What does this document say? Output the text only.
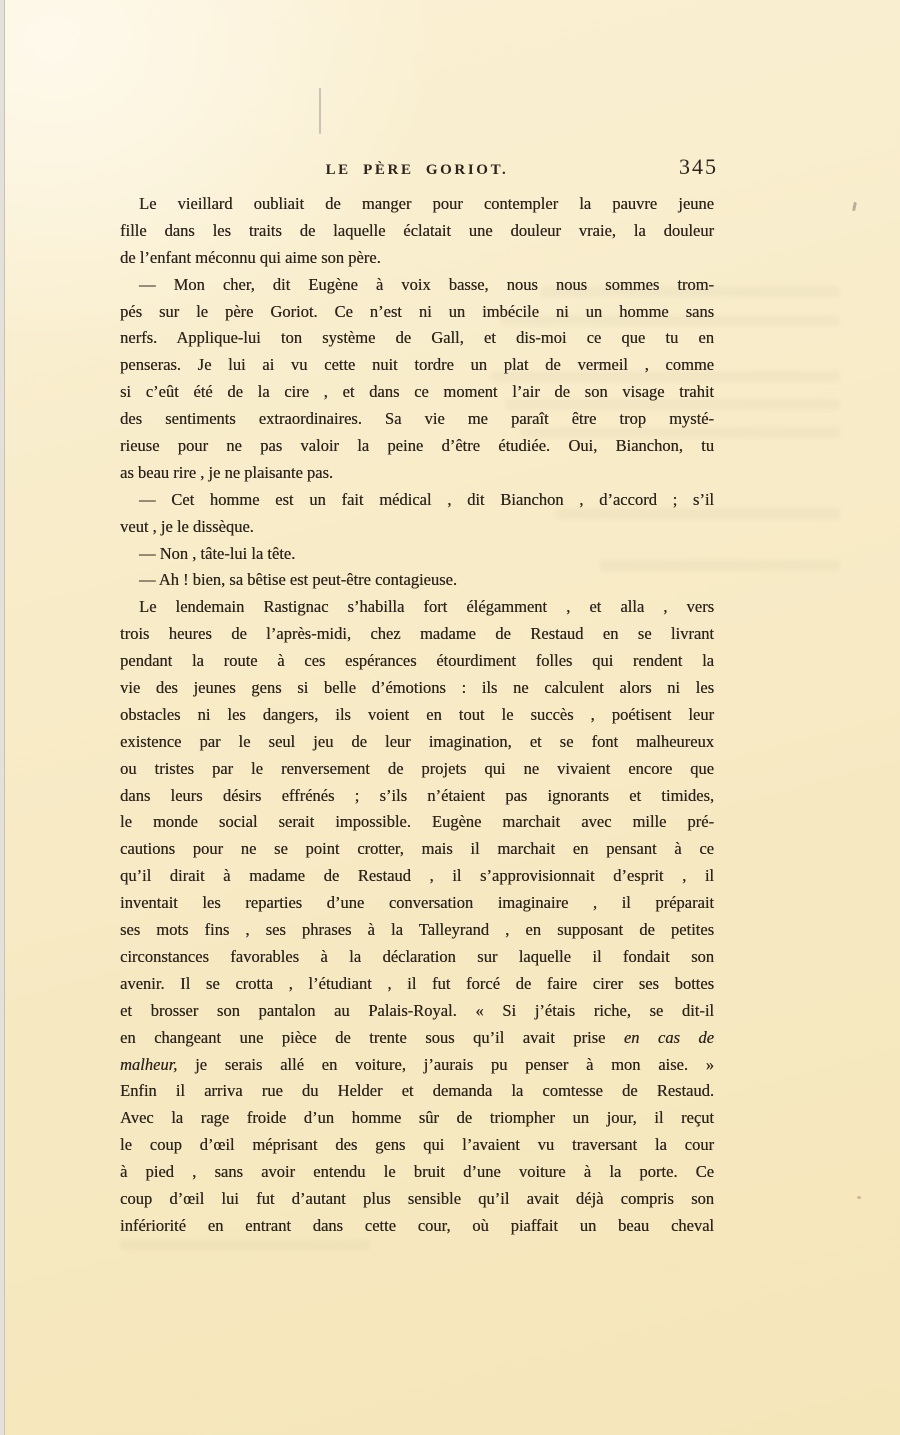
LE PÈRE GORIOT.	345
Le vieillard oubliait de manger pour contempler la pauvre jeune
fille dans les traits de laquelle éclatait une douleur vraie, la douleur
de l’enfant méconnu qui aime son père.
— Mon cher, dit Eugène à voix basse, nous nous sommes trom-
pés sur le père Goriot. Ce n’est ni un imbécile ni un homme sans
nerfs. Applique-lui ton système de Gall, et dis-moi ce que tu en
penseras. Je lui ai vu cette nuit tordre un plat de vermeil , comme
si c’eût été de la cire , et dans ce moment l’air de son visage trahit
des sentiments extraordinaires. Sa vie me paraît être trop mysté-
rieuse pour ne pas valoir la peine d’être étudiée. Oui, Bianchon, tu
as beau rire , je ne plaisante pas.
— Cet homme est un fait médical , dit Bianchon , d’accord ; s’il
veut , je le dissèque.
— Non , tâte-lui la tête.
— Ah ! bien, sa bêtise est peut-être contagieuse.
Le lendemain Rastignac s’habilla fort élégamment , et alla , vers
trois heures de l’après-midi, chez madame de Restaud en se livrant
pendant la route à ces espérances étourdiment folles qui rendent la
vie des jeunes gens si belle d’émotions : ils ne calculent alors ni les
obstacles ni les dangers, ils voient en tout le succès , poétisent leur
existence par le seul jeu de leur imagination, et se font malheureux
ou tristes par le renversement de projets qui ne vivaient encore que
dans leurs désirs effrénés ; s’ils n’étaient pas ignorants et timides,
le monde social serait impossible. Eugène marchait avec mille pré-
cautions pour ne se point crotter, mais il marchait en pensant à ce
qu’il dirait à madame de Restaud , il s’approvisionnait d’esprit , il
inventait les reparties d’une conversation imaginaire , il préparait
ses mots fins , ses phrases à la Talleyrand , en supposant de petites
circonstances favorables à la déclaration sur laquelle il fondait son
avenir. Il se crotta , l’étudiant , il fut forcé de faire cirer ses bottes
et brosser son pantalon au Palais-Royal. « Si j’étais riche, se dit-il
en changeant une pièce de trente sous qu’il avait prise en cas de
malheur, je serais allé en voiture, j’aurais pu penser à mon aise. »
Enfin il arriva rue du Helder et demanda la comtesse de Restaud.
Avec la rage froide d’un homme sûr de triompher un jour, il reçut
le coup d’œil méprisant des gens qui l’avaient vu traversant la cour
à pied , sans avoir entendu le bruit d’une voiture à la porte. Ce
coup d’œil lui fut d’autant plus sensible qu’il avait déjà compris son
infériorité en entrant dans cette cour, où piaffait un beau cheval
